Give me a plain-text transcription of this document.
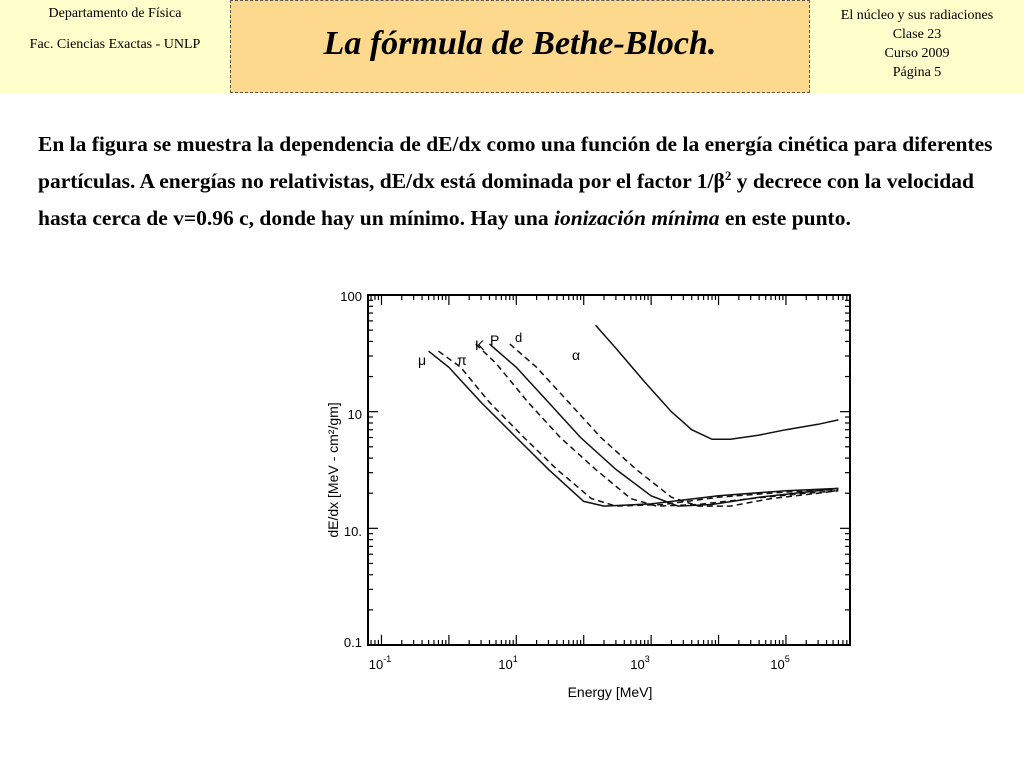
Departamento de Física
Fac. Ciencias Exactas - UNLP	La fórmula de Bethe-Bloch.
El núcleo y sus radiaciones
Clase 23
Curso 2009
Página 5
En la figura se muestra la dependencia de dE/dx como una función de la energía cinética para diferentes partículas. A energías no relativistas, dE/dx está dominada por el factor $1/\beta^2$ y decrece con la velocidad hasta cerca de v=0.96 c, donde hay un mínimo. Hay una ionización mínima en este punto.
100
10
10.
0.1
$10^{-1}$	$10^1$	$10^3$	$10^5$
Energy [MeV]
dE/dx [MeV - cm²/gm]
μ π
K P d
α
